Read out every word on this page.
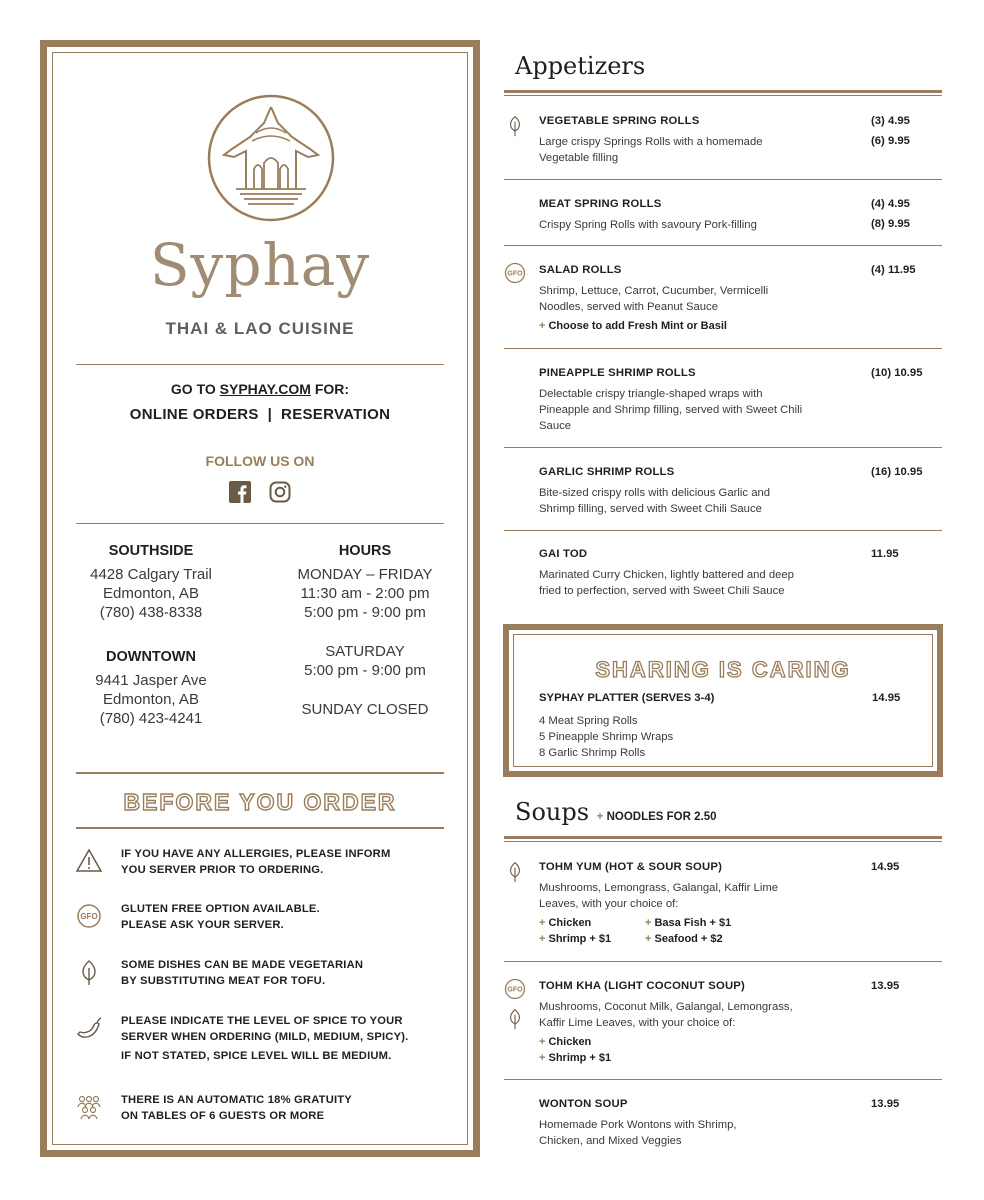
Syphay
THAI & LAO CUISINE
GO TO SYPHAY.COM FOR:
ONLINE ORDERS  |  RESERVATION
FOLLOW US ON
SOUTHSIDE
4428 Calgary Trail
Edmonton, AB
(780) 438-8338
DOWNTOWN
9441 Jasper Ave
Edmonton, AB
(780) 423-4241
HOURS
MONDAY – FRIDAY
11:30 am - 2:00 pm
5:00 pm - 9:00 pm
SATURDAY
5:00 pm - 9:00 pm
SUNDAY CLOSED
BEFORE YOU ORDER
IF YOU HAVE ANY ALLERGIES, PLEASE INFORM
YOU SERVER PRIOR TO ORDERING.
GFO
GLUTEN FREE OPTION AVAILABLE.
PLEASE ASK YOUR SERVER.
SOME DISHES CAN BE MADE VEGETARIAN
BY SUBSTITUTING MEAT FOR TOFU.
PLEASE INDICATE THE LEVEL OF SPICE TO YOUR
SERVER WHEN ORDERING (MILD, MEDIUM, SPICY).
IF NOT STATED, SPICE LEVEL WILL BE MEDIUM.
THERE IS AN AUTOMATIC 18% GRATUITY
ON TABLES OF 6 GUESTS OR MORE
Appetizers
VEGETABLE SPRING ROLLS	(3) 4.95
(6) 9.95
Large crispy Springs Rolls with a homemade
Vegetable filling
MEAT SPRING ROLLS	(4) 4.95
(8) 9.95
Crispy Spring Rolls with savoury Pork-filling
GFO SALAD ROLLS	(4) 11.95
Shrimp, Lettuce, Carrot, Cucumber, Vermicelli
Noodles, served with Peanut Sauce
+ Choose to add Fresh Mint or Basil
PINEAPPLE SHRIMP ROLLS	(10) 10.95
Delectable crispy triangle-shaped wraps with
Pineapple and Shrimp filling, served with Sweet Chili
Sauce
GARLIC SHRIMP ROLLS	(16) 10.95
Bite-sized crispy rolls with delicious Garlic and
Shrimp filling, served with Sweet Chili Sauce
GAI TOD	11.95
Marinated Curry Chicken, lightly battered and deep
fried to perfection, served with Sweet Chili Sauce
SHARING IS CARING
SYPHAY PLATTER (SERVES 3-4)	14.95
4 Meat Spring Rolls
5 Pineapple Shrimp Wraps
8 Garlic Shrimp Rolls
Soups + NOODLES FOR 2.50
TOHM YUM (HOT & SOUR SOUP)	14.95
Mushrooms, Lemongrass, Galangal, Kaffir Lime
Leaves, with your choice of:
+ Chicken	+ Basa Fish + $1
+ Shrimp + $1	+ Seafood + $2
GFO TOHM KHA (LIGHT COCONUT SOUP)	13.95
Mushrooms, Coconut Milk, Galangal, Lemongrass,
Kaffir Lime Leaves, with your choice of:
+ Chicken
+ Shrimp + $1
WONTON SOUP	13.95
Homemade Pork Wontons with Shrimp,
Chicken, and Mixed Veggies
